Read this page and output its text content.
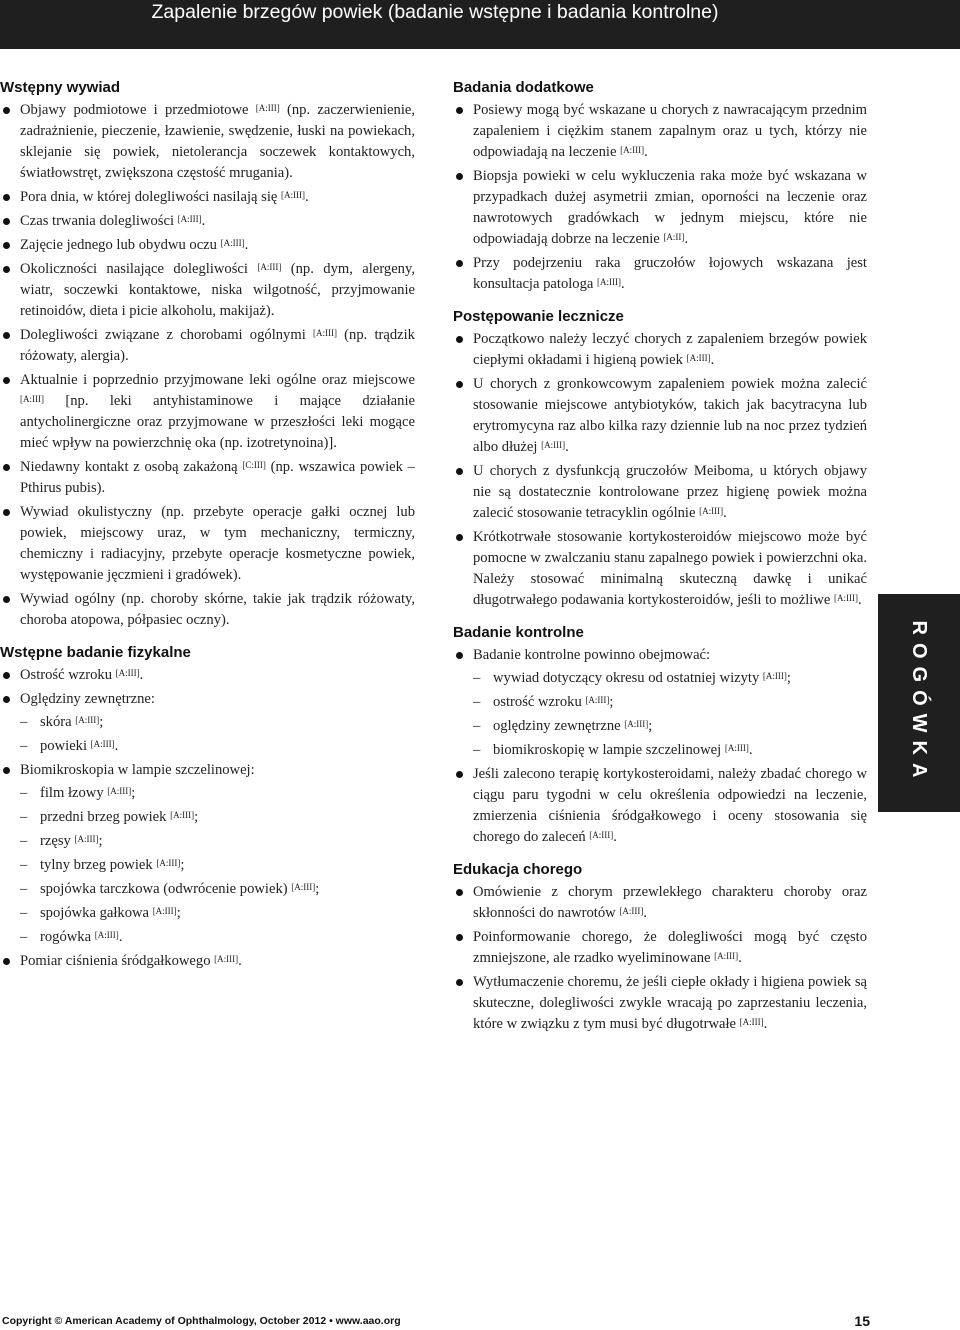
Zapalenie brzegów powiek (badanie wstępne i badania kontrolne)
Wstępny wywiad
Objawy podmiotowe i przedmiotowe [A:III] (np. zaczerwienienie, zadrażnienie, pieczenie, łzawienie, swędzenie, łuski na powiekach, sklejanie się powiek, nietolerancja soczewek kontaktowych, światłowstręt, zwiększona częstość mrugania).
Pora dnia, w której dolegliwości nasilają się [A:III].
Czas trwania dolegliwości [A:III].
Zajęcie jednego lub obydwu oczu [A:III].
Okoliczności nasilające dolegliwości [A:III] (np. dym, alergeny, wiatr, soczewki kontaktowe, niska wilgotność, przyjmowanie retinoidów, dieta i picie alkoholu, makijaż).
Dolegliwości związane z chorobami ogólnymi [A:III] (np. trądzik różowaty, alergia).
Aktualnie i poprzednio przyjmowane leki ogólne oraz miejscowe [A:III] [np. leki antyhistaminowe i mające działanie antycholinergiczne oraz przyjmowane w przeszłości leki mogące mieć wpływ na powierzchnię oka (np. izotretynoina)].
Niedawny kontakt z osobą zakażoną [C:III] (np. wszawica powiek – Pthirus pubis).
Wywiad okulistyczny (np. przebyte operacje gałki ocznej lub powiek, miejscowy uraz, w tym mechaniczny, termiczny, chemiczny i radiacyjny, przebyte operacje kosmetyczne powiek, występowanie jęczmieni i gradówek).
Wywiad ogólny (np. choroby skórne, takie jak trądzik różowaty, choroba atopowa, półpasiec oczny).
Wstępne badanie fizykalne
Ostrość wzroku [A:III].
Oględziny zewnętrzne:
– skóra [A:III];
– powieki [A:III].
Biomikroskopia w lampie szczelinowej:
– film łzowy [A:III];
– przedni brzeg powiek [A:III];
– rzęsy [A:III];
– tylny brzeg powiek [A:III];
– spojówka tarczkowa (odwrócenie powiek) [A:III];
– spojówka gałkowa [A:III];
– rogówka [A:III].
Pomiar ciśnienia śródgałkowego [A:III].
Badania dodatkowe
Posiewy mogą być wskazane u chorych z nawracającym przednim zapaleniem i ciężkim stanem zapalnym oraz u tych, którzy nie odpowiadają na leczenie [A:III].
Biopsja powieki w celu wykluczenia raka może być wskazana w przypadkach dużej asymetrii zmian, oporności na leczenie oraz nawrotowych gradówkach w jednym miejscu, które nie odpowiadają dobrze na leczenie [A:II].
Przy podejrzeniu raka gruczołów łojowych wskazana jest konsultacja patologa [A:III].
Postępowanie lecznicze
Początkowo należy leczyć chorych z zapaleniem brzegów powiek ciepłymi okładami i higieną powiek [A:III].
U chorych z gronkowcowym zapaleniem powiek można zalecić stosowanie miejscowe antybiotyków, takich jak bacytracyna lub erytromycyna raz albo kilka razy dziennie lub na noc przez tydzień albo dłużej [A:III].
U chorych z dysfunkcją gruczołów Meiboma, u których objawy nie są dostatecznie kontrolowane przez higienę powiek można zalecić stosowanie tetracyklin ogólnie [A:III].
Krótkotrwałe stosowanie kortykosteroidów miejscowo może być pomocne w zwalczaniu stanu zapalnego powiek i powierzchni oka. Należy stosować minimalną skuteczną dawkę i unikać długotrwałego podawania kortykosteroidów, jeśli to możliwe [A:III].
Badanie kontrolne
Badanie kontrolne powinno obejmować:
– wywiad dotyczący okresu od ostatniej wizyty [A:III];
– ostrość wzroku [A:III];
– oględziny zewnętrzne [A:III];
– biomikroskopię w lampie szczelinowej [A:III].
Jeśli zalecono terapię kortykosteroidami, należy zbadać chorego w ciągu paru tygodni w celu określenia odpowiedzi na leczenie, zmierzenia ciśnienia śródgałkowego i oceny stosowania się chorego do zaleceń [A:III].
Edukacja chorego
Omówienie z chorym przewlekłego charakteru choroby oraz skłonności do nawrotów [A:III].
Poinformowanie chorego, że dolegliwości mogą być często zmniejszone, ale rzadko wyeliminowane [A:III].
Wytłumaczenie choremu, że jeśli ciepłe okłady i higiena powiek są skuteczne, dolegliwości zwykle wracają po zaprzestaniu leczenia, które w związku z tym musi być długotrwałe [A:III].
ROGÓWKA
Copyright © American Academy of Ophthalmology, October 2012 • www.aao.org	15
